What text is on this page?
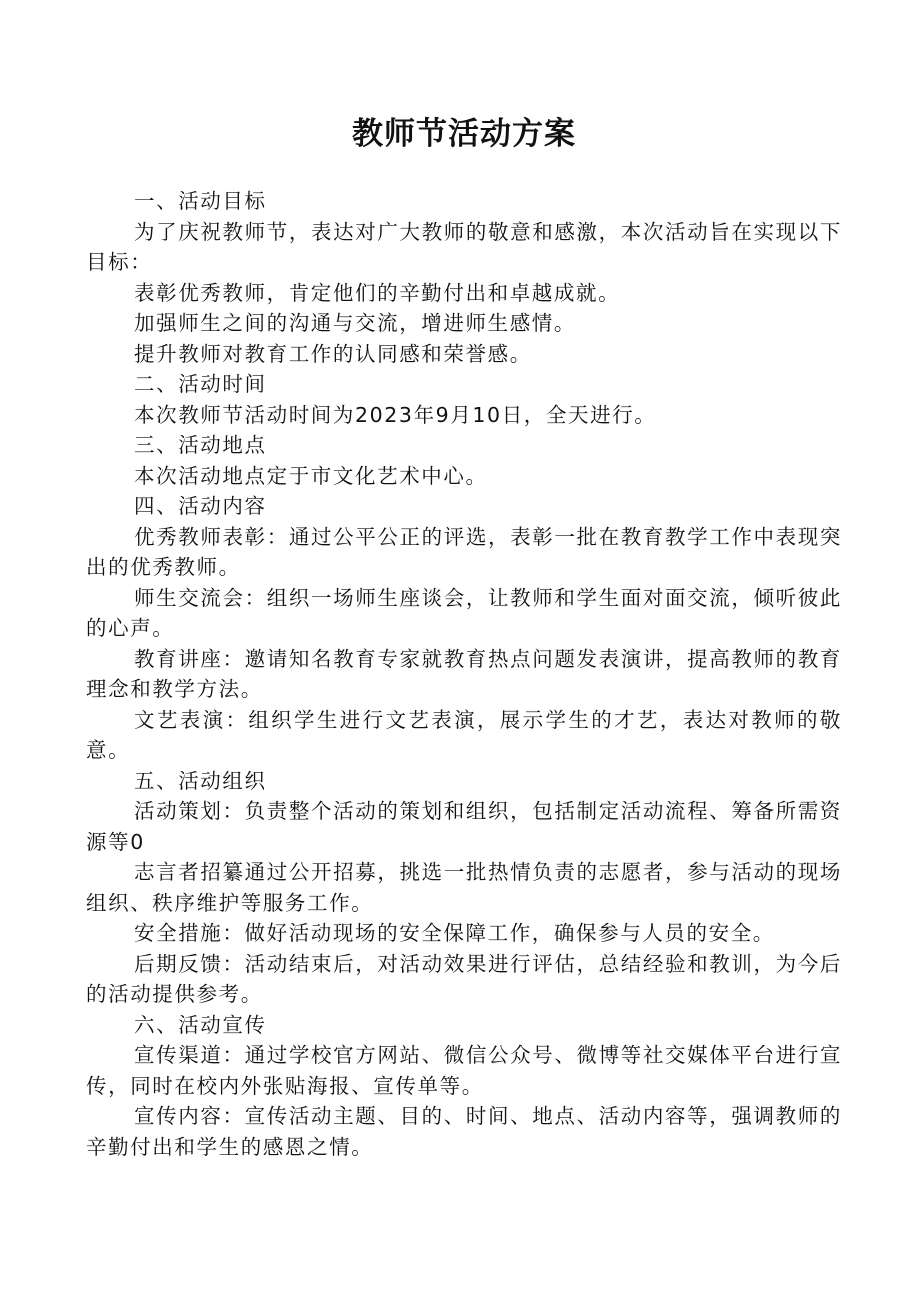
教师节活动方案

一、活动目标

为了庆祝教师节，表达对广大教师的敬意和感激，本次活动旨在实现以下目标：

表彰优秀教师，肯定他们的辛勤付出和卓越成就。

加强师生之间的沟通与交流，增进师生感情。

提升教师对教育工作的认同感和荣誉感。

二、活动时间

本次教师节活动时间为2023年9月10日，全天进行。

三、活动地点

本次活动地点定于市文化艺术中心。

四、活动内容

优秀教师表彰：通过公平公正的评选，表彰一批在教育教学工作中表现突出的优秀教师。

师生交流会：组织一场师生座谈会，让教师和学生面对面交流，倾听彼此的心声。

教育讲座：邀请知名教育专家就教育热点问题发表演讲，提高教师的教育理念和教学方法。

文艺表演：组织学生进行文艺表演，展示学生的才艺，表达对教师的敬意。

五、活动组织

活动策划：负责整个活动的策划和组织，包括制定活动流程、筹备所需资源等0

志言者招纂通过公开招募，挑选一批热情负责的志愿者，参与活动的现场组织、秩序维护等服务工作。

安全措施：做好活动现场的安全保障工作，确保参与人员的安全。

后期反馈：活动结束后，对活动效果进行评估，总结经验和教训，为今后的活动提供参考。

六、活动宣传

宣传渠道：通过学校官方网站、微信公众号、微博等社交媒体平台进行宣传，同时在校内外张贴海报、宣传单等。

宣传内容：宣传活动主题、目的、时间、地点、活动内容等，强调教师的辛勤付出和学生的感恩之情。
